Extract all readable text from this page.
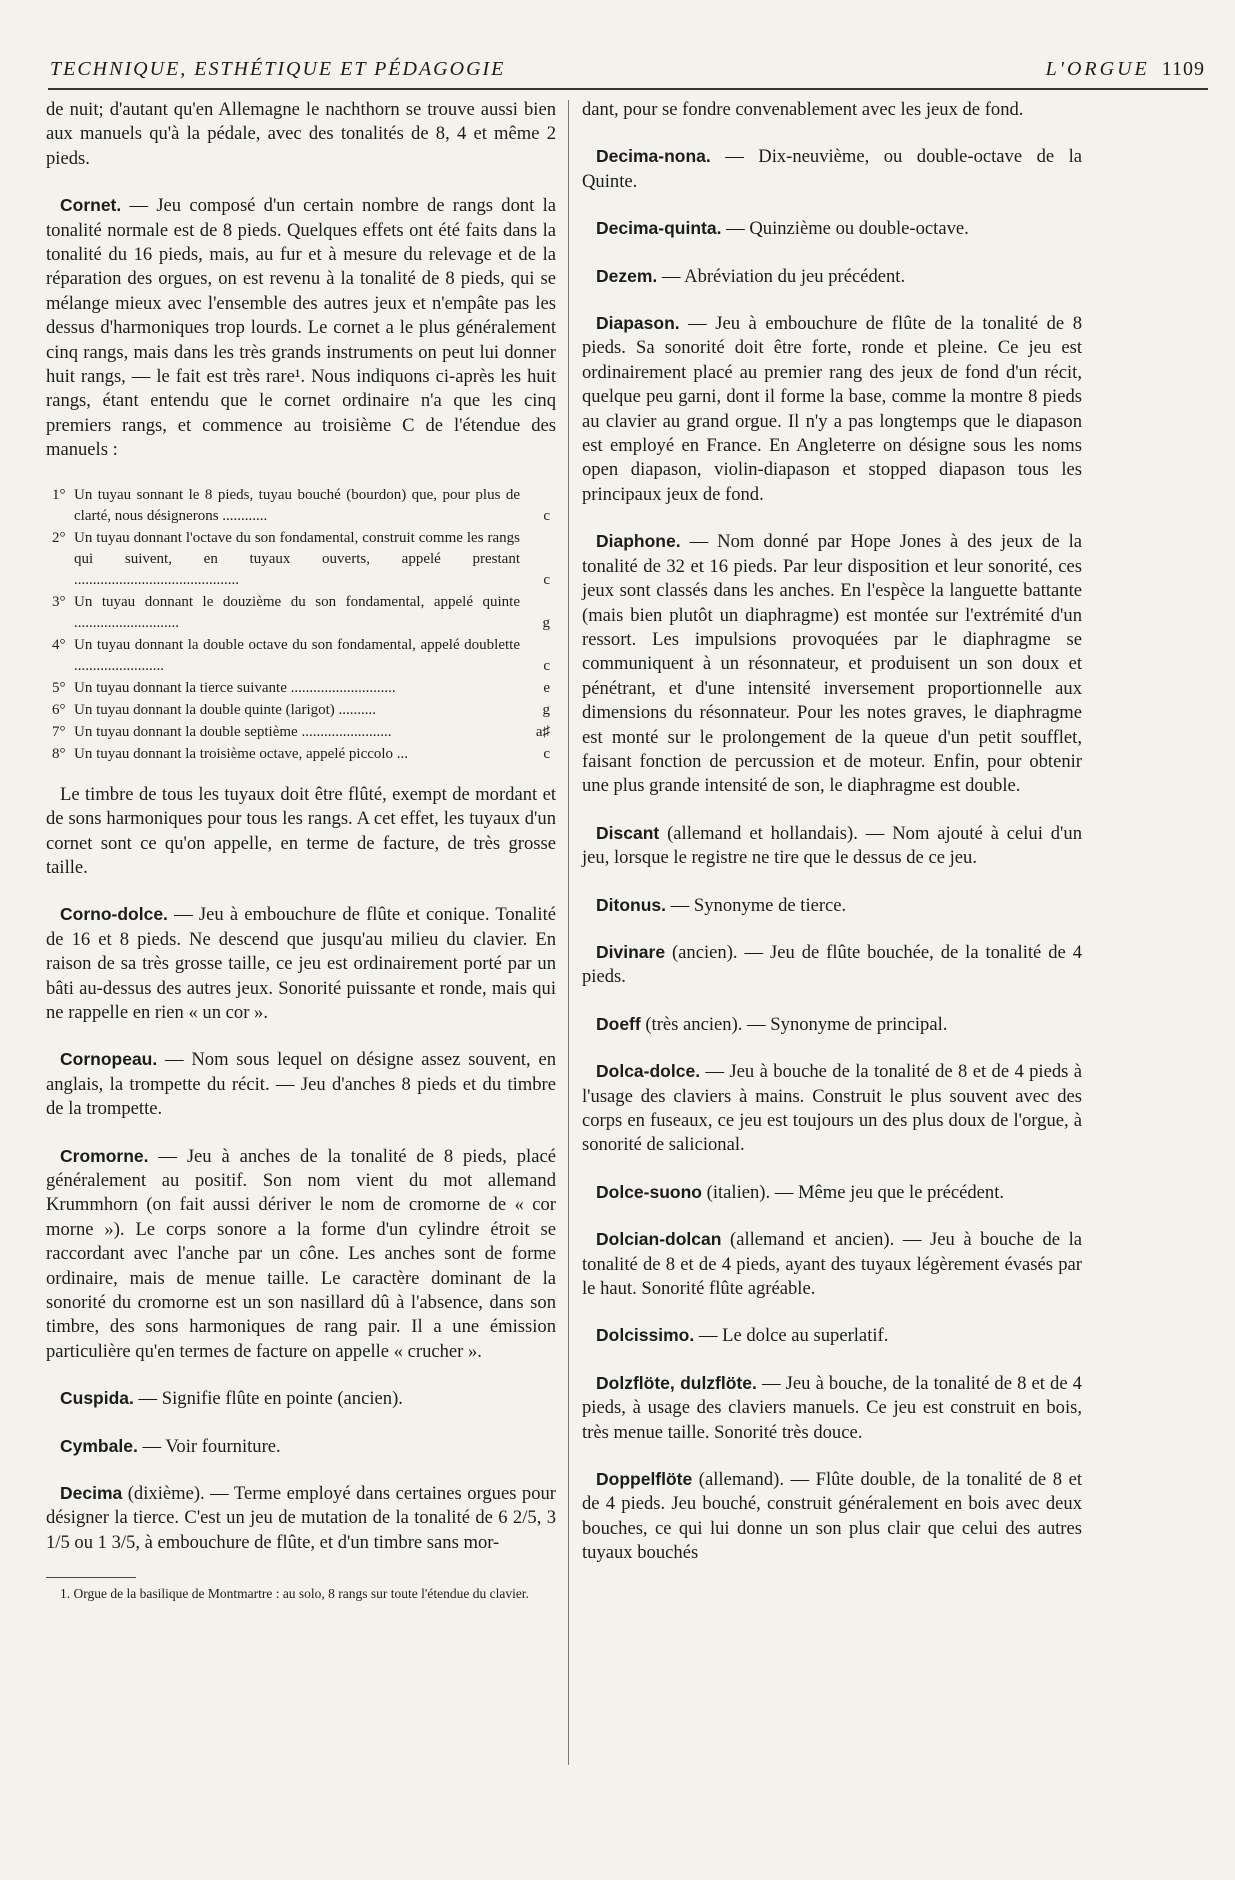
TECHNIQUE, ESTHÉTIQUE ET PÉDAGOGIE	L'ORGUE 1109

de nuit; d'autant qu'en Allemagne le nachthorn se trouve aussi bien aux manuels qu'à la pédale, avec des tonalités de 8, 4 et même 2 pieds.

Cornet. — Jeu composé d'un certain nombre de rangs dont la tonalité normale est de 8 pieds. Quelques effets ont été faits dans la tonalité du 16 pieds, mais, au fur et à mesure du relevage et de la réparation des orgues, on est revenu à la tonalité de 8 pieds, qui se mélange mieux avec l'ensemble des autres jeux et n'empâte pas les dessus d'harmoniques trop lourds. Le cornet a le plus généralement cinq rangs, mais dans les très grands instruments on peut lui donner huit rangs, — le fait est très rare¹. Nous indiquons ci-après les huit rangs, étant entendu que le cornet ordinaire n'a que les cinq premiers rangs, et commence au troisième C de l'étendue des manuels :

1° Un tuyau sonnant le 8 pieds, tuyau bouché (bourdon) que, pour plus de clarté, nous désignerons ............	c
2° Un tuyau donnant l'octave du son fondamental, construit comme les rangs qui suivent, en tuyaux ouverts, appelé prestant ............................................	c
3° Un tuyau donnant le douzième du son fondamental, appelé quinte ............................	g
4° Un tuyau donnant la double octave du son fondamental, appelé doublette ........................	c
5° Un tuyau donnant la tierce suivante ............................	e
6° Un tuyau donnant la double quinte (larigot) ..........	g
7° Un tuyau donnant la double septième ........................	a♯
8° Un tuyau donnant la troisième octave, appelé piccolo ...	c

Le timbre de tous les tuyaux doit être flûté, exempt de mordant et de sons harmoniques pour tous les rangs. A cet effet, les tuyaux d'un cornet sont ce qu'on appelle, en terme de facture, de très grosse taille.

Corno-dolce. — Jeu à embouchure de flûte et conique. Tonalité de 16 et 8 pieds. Ne descend que jusqu'au milieu du clavier. En raison de sa très grosse taille, ce jeu est ordinairement porté par un bâti au-dessus des autres jeux. Sonorité puissante et ronde, mais qui ne rappelle en rien « un cor ».

Cornopeau. — Nom sous lequel on désigne assez souvent, en anglais, la trompette du récit. — Jeu d'anches 8 pieds et du timbre de la trompette.

Cromorne. — Jeu à anches de la tonalité de 8 pieds, placé généralement au positif. Son nom vient du mot allemand Krummhorn (on fait aussi dériver le nom de cromorne de « cor morne »). Le corps sonore a la forme d'un cylindre étroit se raccordant avec l'anche par un cône. Les anches sont de forme ordinaire, mais de menue taille. Le caractère dominant de la sonorité du cromorne est un son nasillard dû à l'absence, dans son timbre, des sons harmoniques de rang pair. Il a une émission particulière qu'en termes de facture on appelle « crucher ».

Cuspida. — Signifie flûte en pointe (ancien).

Cymbale. — Voir fourniture.

Decima (dixième). — Terme employé dans certaines orgues pour désigner la tierce. C'est un jeu de mutation de la tonalité de 6 2/5, 3 1/5 ou 1 3/5, à embouchure de flûte, et d'un timbre sans mor-

1. Orgue de la basilique de Montmartre : au solo, 8 rangs sur toute l'étendue du clavier.

dant, pour se fondre convenablement avec les jeux de fond.

Decima-nona. — Dix-neuvième, ou double-octave de la Quinte.

Decima-quinta. — Quinzième ou double-octave.

Dezem. — Abréviation du jeu précédent.

Diapason. — Jeu à embouchure de flûte de la tonalité de 8 pieds. Sa sonorité doit être forte, ronde et pleine. Ce jeu est ordinairement placé au premier rang des jeux de fond d'un récit, quelque peu garni, dont il forme la base, comme la montre 8 pieds au clavier au grand orgue. Il n'y a pas longtemps que le diapason est employé en France. En Angleterre on désigne sous les noms open diapason, violin-diapason et stopped diapason tous les principaux jeux de fond.

Diaphone. — Nom donné par Hope Jones à des jeux de la tonalité de 32 et 16 pieds. Par leur disposition et leur sonorité, ces jeux sont classés dans les anches. En l'espèce la languette battante (mais bien plutôt un diaphragme) est montée sur l'extrémité d'un ressort. Les impulsions provoquées par le diaphragme se communiquent à un résonnateur, et produisent un son doux et pénétrant, et d'une intensité inversement proportionnelle aux dimensions du résonnateur. Pour les notes graves, le diaphragme est monté sur le prolongement de la queue d'un petit soufflet, faisant fonction de percussion et de moteur. Enfin, pour obtenir une plus grande intensité de son, le diaphragme est double.

Discant (allemand et hollandais). — Nom ajouté à celui d'un jeu, lorsque le registre ne tire que le dessus de ce jeu.

Ditonus. — Synonyme de tierce.

Divinare (ancien). — Jeu de flûte bouchée, de la tonalité de 4 pieds.

Doeff (très ancien). — Synonyme de principal.

Dolca-dolce. — Jeu à bouche de la tonalité de 8 et de 4 pieds à l'usage des claviers à mains. Construit le plus souvent avec des corps en fuseaux, ce jeu est toujours un des plus doux de l'orgue, à sonorité de salicional.

Dolce-suono (italien). — Même jeu que le précédent.

Dolcian-dolcan (allemand et ancien). — Jeu à bouche de la tonalité de 8 et de 4 pieds, ayant des tuyaux légèrement évasés par le haut. Sonorité flûte agréable.

Dolcissimo. — Le dolce au superlatif.

Dolzflöte, dulzflöte. — Jeu à bouche, de la tonalité de 8 et de 4 pieds, à usage des claviers manuels. Ce jeu est construit en bois, très menue taille. Sonorité très douce.

Doppelflöte (allemand). — Flûte double, de la tonalité de 8 et de 4 pieds. Jeu bouché, construit généralement en bois avec deux bouches, ce qui lui donne un son plus clair que celui des autres tuyaux bouchés
